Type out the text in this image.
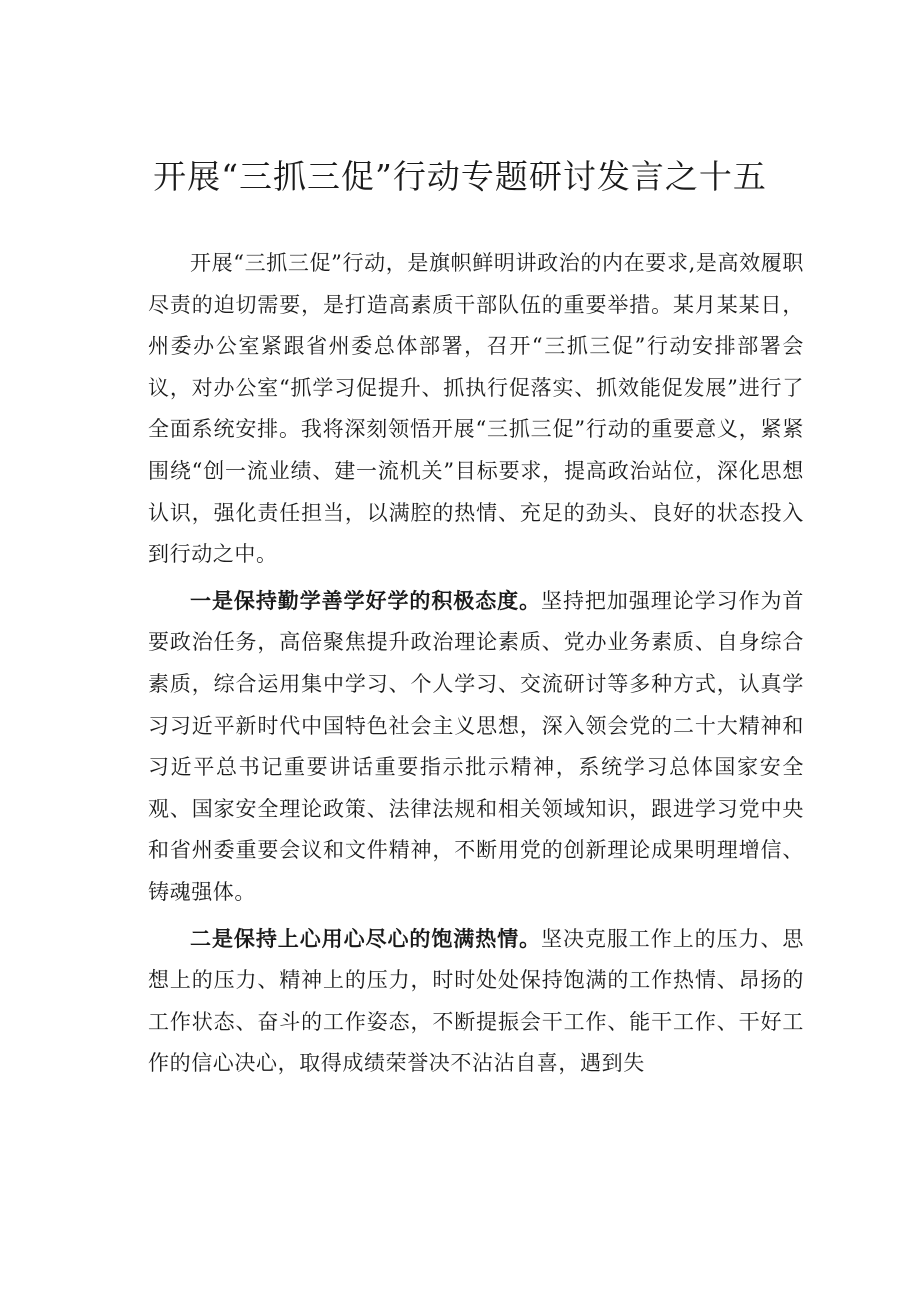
开展“三抓三促”行动专题研讨发言之十五

开展“三抓三促”行动，是旗帜鲜明讲政治的内在要求,是高效履职尽责的迫切需要，是打造高素质干部队伍的重要举措。某月某某日，州委办公室紧跟省州委总体部署，召开“三抓三促”行动安排部署会议，对办公室“抓学习促提升、抓执行促落实、抓效能促发展”进行了全面系统安排。我将深刻领悟开展“三抓三促”行动的重要意义，紧紧围绕“创一流业绩、建一流机关”目标要求，提高政治站位，深化思想认识，强化责任担当，以满腔的热情、充足的劲头、良好的状态投入到行动之中。

一是保持勤学善学好学的积极态度。坚持把加强理论学习作为首要政治任务，高倍聚焦提升政治理论素质、党办业务素质、自身综合素质，综合运用集中学习、个人学习、交流研讨等多种方式，认真学习习近平新时代中国特色社会主义思想，深入领会党的二十大精神和习近平总书记重要讲话重要指示批示精神，系统学习总体国家安全观、国家安全理论政策、法律法规和相关领域知识，跟进学习党中央和省州委重要会议和文件精神，不断用党的创新理论成果明理增信、铸魂强体。

二是保持上心用心尽心的饱满热情。坚决克服工作上的压力、思想上的压力、精神上的压力，时时处处保持饱满的工作热情、昂扬的工作状态、奋斗的工作姿态，不断提振会干工作、能干工作、干好工作的信心决心，取得成绩荣誉决不沾沾自喜，遇到失
